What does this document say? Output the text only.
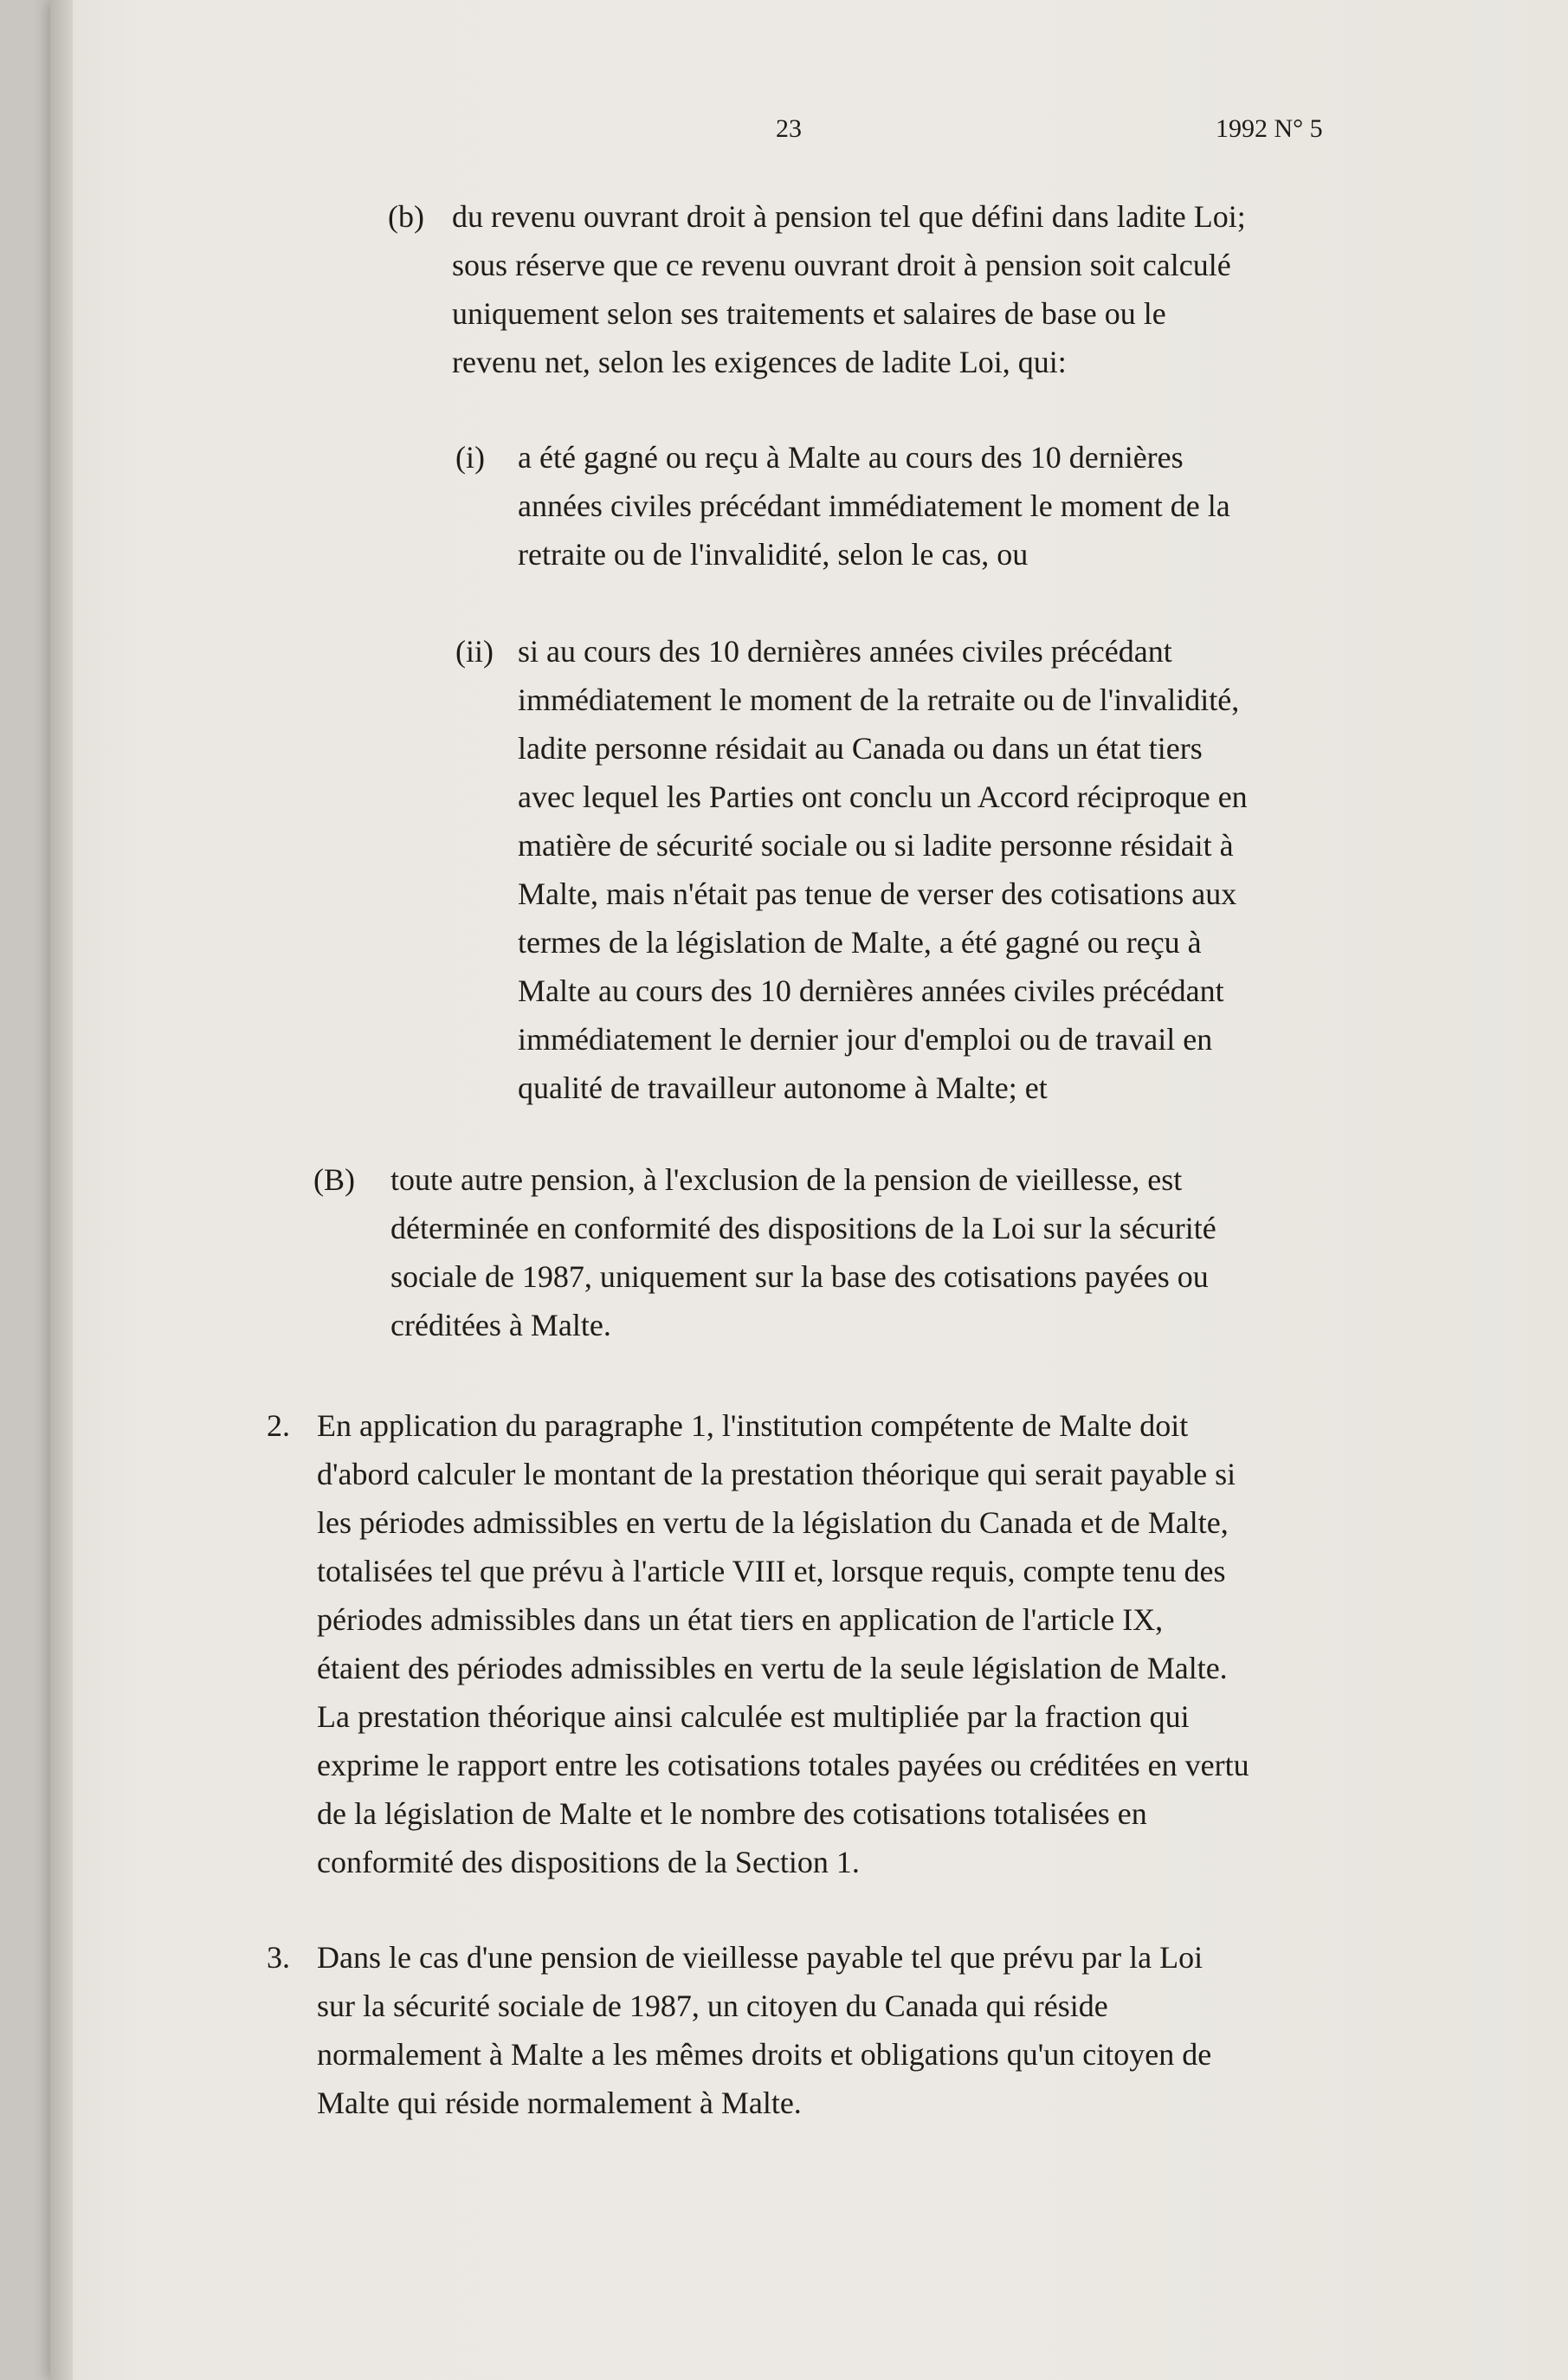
23	1992 N° 5
(b) du revenu ouvrant droit à pension tel que défini dans ladite Loi;
sous réserve que ce revenu ouvrant droit à pension soit calculé
uniquement selon ses traitements et salaires de base ou le
revenu net, selon les exigences de ladite Loi, qui:
(i) a été gagné ou reçu à Malte au cours des 10 dernières
années civiles précédant immédiatement le moment de la
retraite ou de l'invalidité, selon le cas, ou
(ii) si au cours des 10 dernières années civiles précédant
immédiatement le moment de la retraite ou de l'invalidité,
ladite personne résidait au Canada ou dans un état tiers
avec lequel les Parties ont conclu un Accord réciproque en
matière de sécurité sociale ou si ladite personne résidait à
Malte, mais n'était pas tenue de verser des cotisations aux
termes de la législation de Malte, a été gagné ou reçu à
Malte au cours des 10 dernières années civiles précédant
immédiatement le dernier jour d'emploi ou de travail en
qualité de travailleur autonome à Malte; et
(B) toute autre pension, à l'exclusion de la pension de vieillesse, est
déterminée en conformité des dispositions de la Loi sur la sécurité
sociale de 1987, uniquement sur la base des cotisations payées ou
créditées à Malte.
2. En application du paragraphe 1, l'institution compétente de Malte doit
d'abord calculer le montant de la prestation théorique qui serait payable si
les périodes admissibles en vertu de la législation du Canada et de Malte,
totalisées tel que prévu à l'article VIII et, lorsque requis, compte tenu des
périodes admissibles dans un état tiers en application de l'article IX,
étaient des périodes admissibles en vertu de la seule législation de Malte.
La prestation théorique ainsi calculée est multipliée par la fraction qui
exprime le rapport entre les cotisations totales payées ou créditées en vertu
de la législation de Malte et le nombre des cotisations totalisées en
conformité des dispositions de la Section 1.
3. Dans le cas d'une pension de vieillesse payable tel que prévu par la Loi
sur la sécurité sociale de 1987, un citoyen du Canada qui réside
normalement à Malte a les mêmes droits et obligations qu'un citoyen de
Malte qui réside normalement à Malte.
